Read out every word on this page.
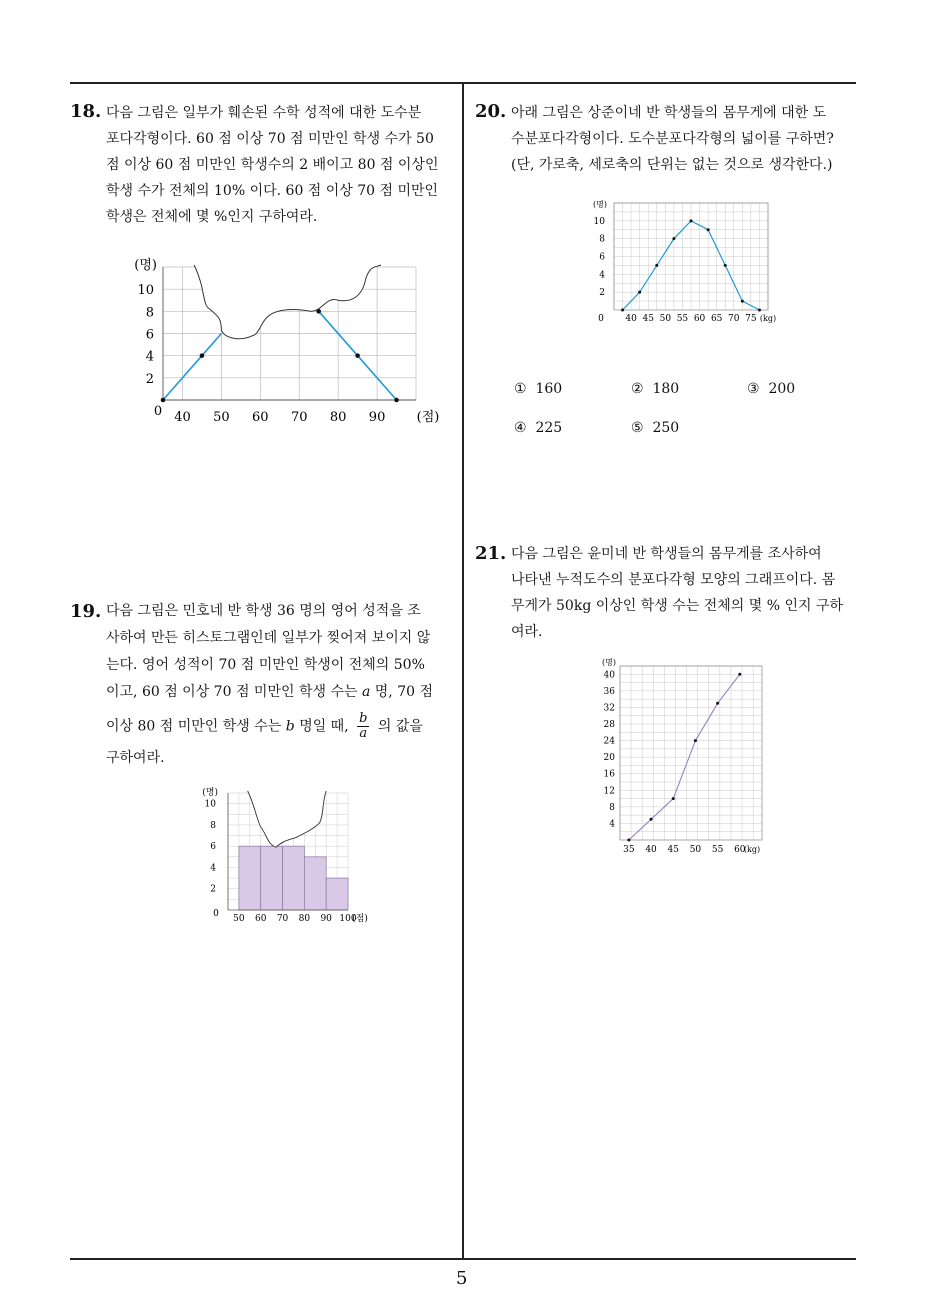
18. 다음 그림은 일부가 훼손된 수학 성적에 대한 도수분
포다각형이다. 60 점 이상 70 점 미만인 학생 수가 50
점 이상 60 점 미만인 학생수의 2 배이고 80 점 이상인
학생 수가 전체의 10% 이다. 60 점 이상 70 점 미만인
학생은 전체에 몇 %인지 구하여라.
40 50 60 70 80 90
2
4
6
8
10
0
(명)
(점)
19. 다음 그림은 민호네 반 학생 36 명의 영어 성적을 조
사하여 만든 히스토그램인데 일부가 찢어져 보이지 않
는다. 영어 성적이 70 점 미만인 학생이 전체의 50%
이고, 60 점 이상 70 점 미만인 학생 수는 a 명, 70 점
이상 80 점 미만인 학생 수는 b 명일 때, $\frac{b}{a}$ 의 값을
구하여라.
50 60 70 80 90 100
2
4
6
8
10
0
(명)
(점)
20. 아래 그림은 상준이네 반 학생들의 몸무게에 대한 도
수분포다각형이다. 도수분포다각형의 넓이를 구하면?
(단, 가로축, 세로축의 단위는 없는 것으로 생각한다.)
40 45 50 55 60 65 70 75
2
4
6
8
10
0
(명)
(kg)
① 160	② 180	③ 200
④ 225	⑤ 250
21. 다음 그림은 윤미네 반 학생들의 몸무게를 조사하여
나타낸 누적도수의 분포다각형 모양의 그래프이다. 몸
무게가 50kg 이상인 학생 수는 전체의 몇 % 인지 구하
여라.
35 40 45 50 55 60
4
8
12
16
20
24
28
32
36
40
(명)
(kg)
5
